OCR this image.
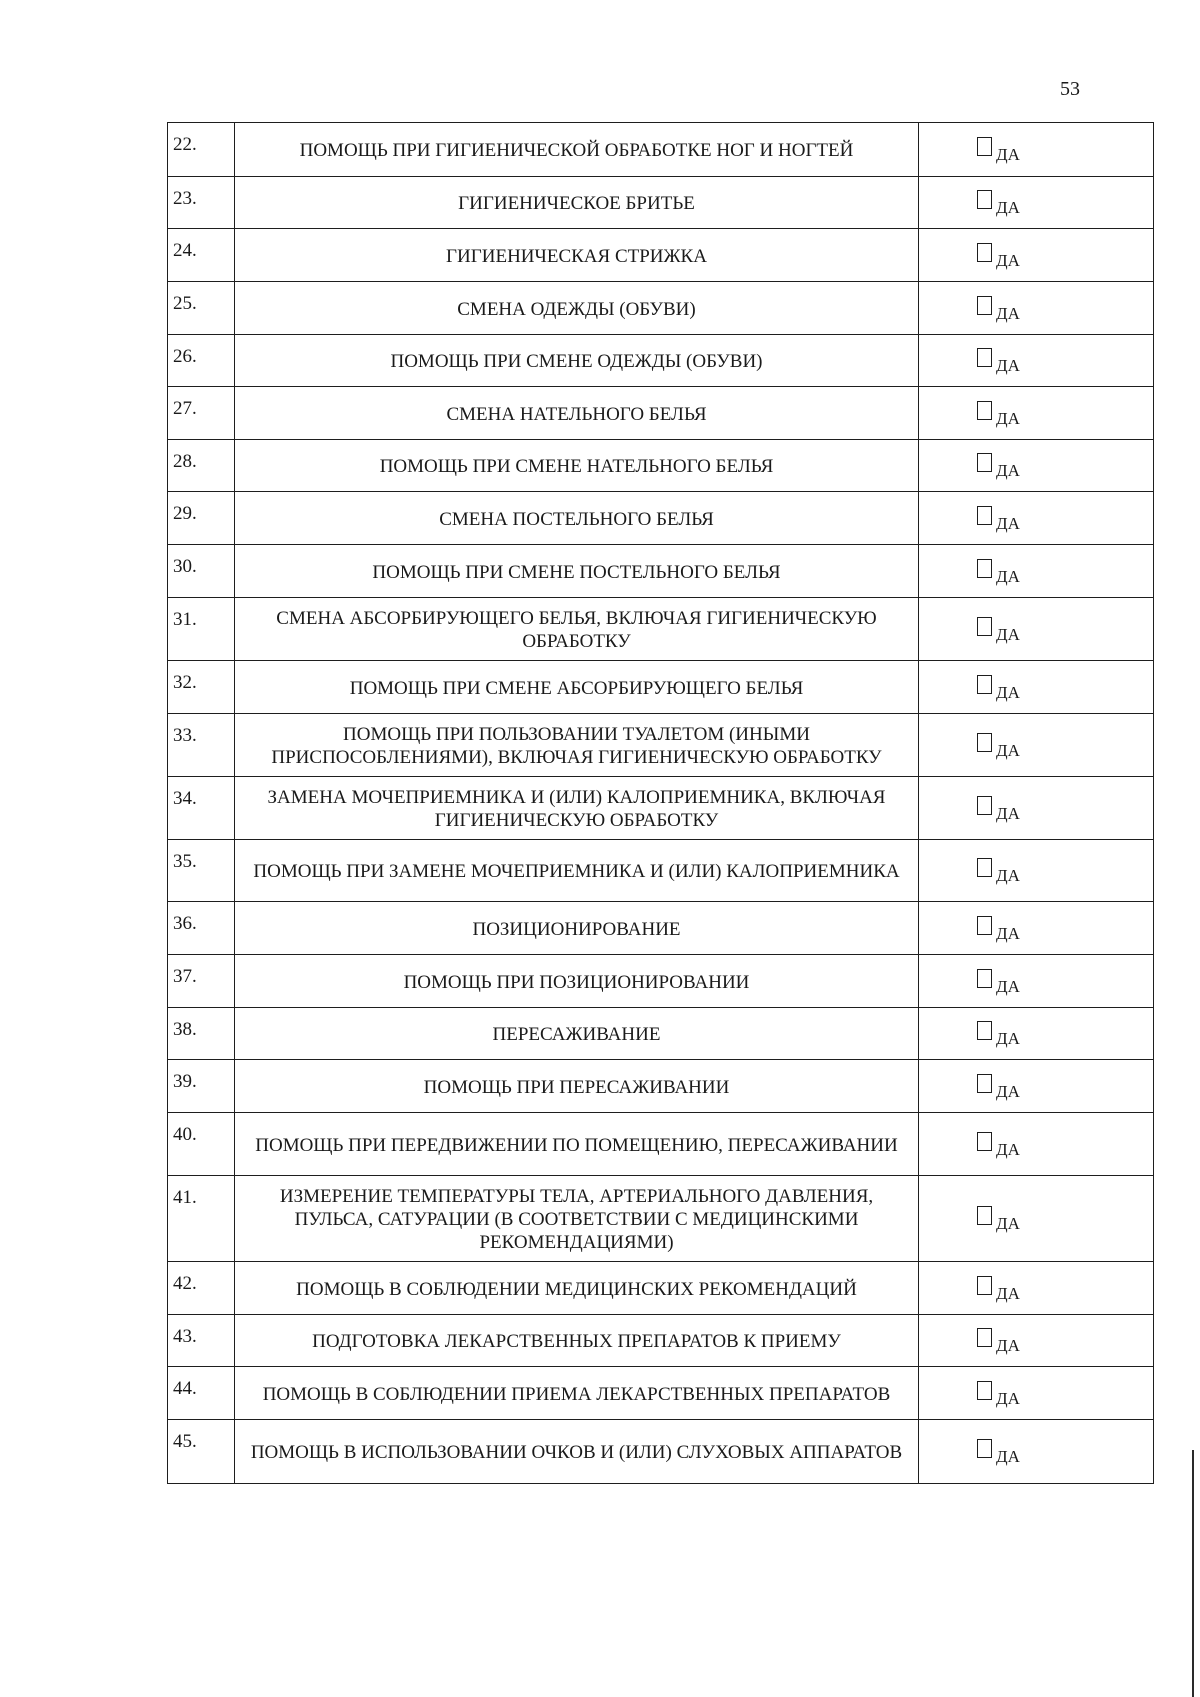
53
22.	ПОМОЩЬ ПРИ ГИГИЕНИЧЕСКОЙ ОБРАБОТКЕ НОГ И НОГТЕЙ	ДА
23.	ГИГИЕНИЧЕСКОЕ БРИТЬЕ	ДА
24.	ГИГИЕНИЧЕСКАЯ СТРИЖКА	ДА
25.	СМЕНА ОДЕЖДЫ (ОБУВИ)	ДА
26.	ПОМОЩЬ ПРИ СМЕНЕ ОДЕЖДЫ (ОБУВИ)	ДА
27.	СМЕНА НАТЕЛЬНОГО БЕЛЬЯ	ДА
28.	ПОМОЩЬ ПРИ СМЕНЕ НАТЕЛЬНОГО БЕЛЬЯ	ДА
29.	СМЕНА ПОСТЕЛЬНОГО БЕЛЬЯ	ДА
30.	ПОМОЩЬ ПРИ СМЕНЕ ПОСТЕЛЬНОГО БЕЛЬЯ	ДА
31.	СМЕНА АБСОРБИРУЮЩЕГО БЕЛЬЯ, ВКЛЮЧАЯ ГИГИЕНИЧЕСКУЮ ОБРАБОТКУ	ДА
32.	ПОМОЩЬ ПРИ СМЕНЕ АБСОРБИРУЮЩЕГО БЕЛЬЯ	ДА
33.	ПОМОЩЬ ПРИ ПОЛЬЗОВАНИИ ТУАЛЕТОМ (ИНЫМИ ПРИСПОСОБЛЕНИЯМИ), ВКЛЮЧАЯ ГИГИЕНИЧЕСКУЮ ОБРАБОТКУ	ДА
34.	ЗАМЕНА МОЧЕПРИЕМНИКА И (ИЛИ) КАЛОПРИЕМНИКА, ВКЛЮЧАЯ ГИГИЕНИЧЕСКУЮ ОБРАБОТКУ	ДА
35.	ПОМОЩЬ ПРИ ЗАМЕНЕ МОЧЕПРИЕМНИКА И (ИЛИ) КАЛОПРИЕМНИКА	ДА
36.	ПОЗИЦИОНИРОВАНИЕ	ДА
37.	ПОМОЩЬ ПРИ ПОЗИЦИОНИРОВАНИИ	ДА
38.	ПЕРЕСАЖИВАНИЕ	ДА
39.	ПОМОЩЬ ПРИ ПЕРЕСАЖИВАНИИ	ДА
40.	ПОМОЩЬ ПРИ ПЕРЕДВИЖЕНИИ ПО ПОМЕЩЕНИЮ, ПЕРЕСАЖИВАНИИ	ДА
41.	ИЗМЕРЕНИЕ ТЕМПЕРАТУРЫ ТЕЛА, АРТЕРИАЛЬНОГО ДАВЛЕНИЯ, ПУЛЬСА, САТУРАЦИИ (В СООТВЕТСТВИИ С МЕДИЦИНСКИМИ РЕКОМЕНДАЦИЯМИ)	ДА
42.	ПОМОЩЬ В СОБЛЮДЕНИИ МЕДИЦИНСКИХ РЕКОМЕНДАЦИЙ	ДА
43.	ПОДГОТОВКА ЛЕКАРСТВЕННЫХ ПРЕПАРАТОВ К ПРИЕМУ	ДА
44.	ПОМОЩЬ В СОБЛЮДЕНИИ ПРИЕМА ЛЕКАРСТВЕННЫХ ПРЕПАРАТОВ	ДА
45.	ПОМОЩЬ В ИСПОЛЬЗОВАНИИ ОЧКОВ И (ИЛИ) СЛУХОВЫХ АППАРАТОВ	ДА
